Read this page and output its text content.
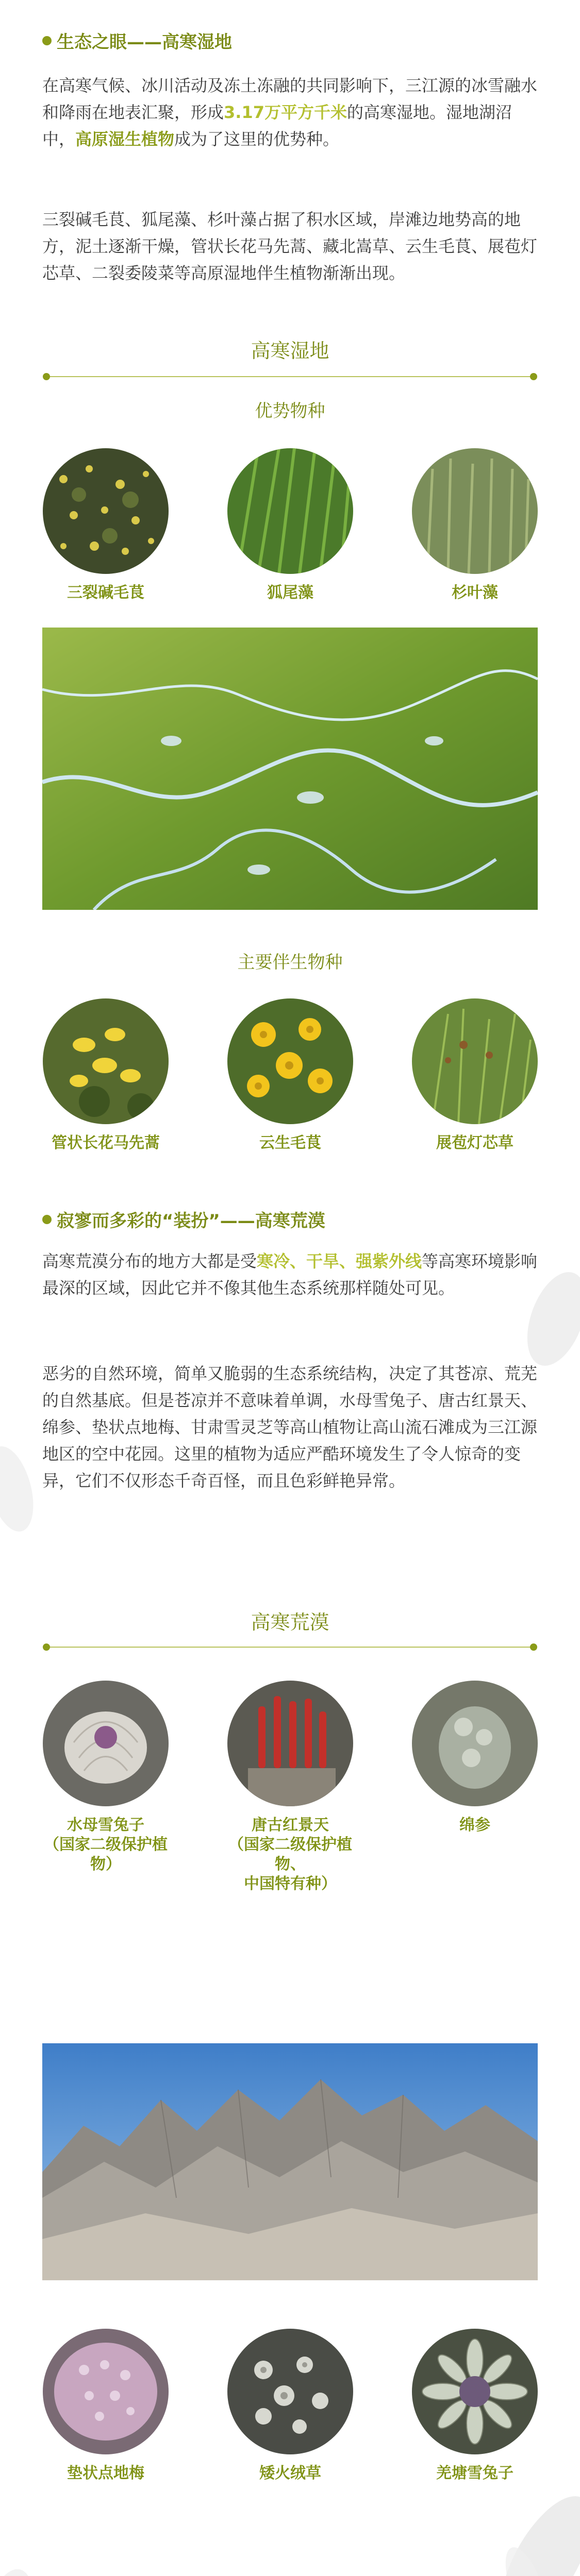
生态之眼——高寒湿地

在高寒气候、冰川活动及冻土冻融的共同影响下，三江源的冰雪融水和降雨在地表汇聚，形成3.17万平方千米的高寒湿地。湿地湖沼中，高原湿生植物成为了这里的优势种。

三裂碱毛茛、狐尾藻、杉叶藻占据了积水区域，岸滩边地势高的地方，泥土逐渐干燥，管状长花马先蒿、藏北嵩草、云生毛茛、展苞灯芯草、二裂委陵菜等高原湿地伴生植物渐渐出现。

高寒湿地
优势物种
三裂碱毛茛	狐尾藻	杉叶藻
主要伴生物种
管状长花马先蒿	云生毛茛	展苞灯芯草
寂寥而多彩的“装扮”——高寒荒漠

高寒荒漠分布的地方大都是受寒冷、干旱、强紫外线等高寒环境影响最深的区域，因此它并不像其他生态系统那样随处可见。

恶劣的自然环境，简单又脆弱的生态系统结构，决定了其苍凉、荒芜的自然基底。但是苍凉并不意味着单调，水母雪兔子、唐古红景天、绵参、垫状点地梅、甘肃雪灵芝等高山植物让高山流石滩成为三江源地区的空中花园。这里的植物为适应严酷环境发生了令人惊奇的变异，它们不仅形态千奇百怪，而且色彩鲜艳异常。

高寒荒漠
水母雪兔子
（国家二级保护植物）
唐古红景天
（国家二级保护植物、
中国特有种）
绵参
垫状点地梅	矮火绒草	羌塘雪兔子
